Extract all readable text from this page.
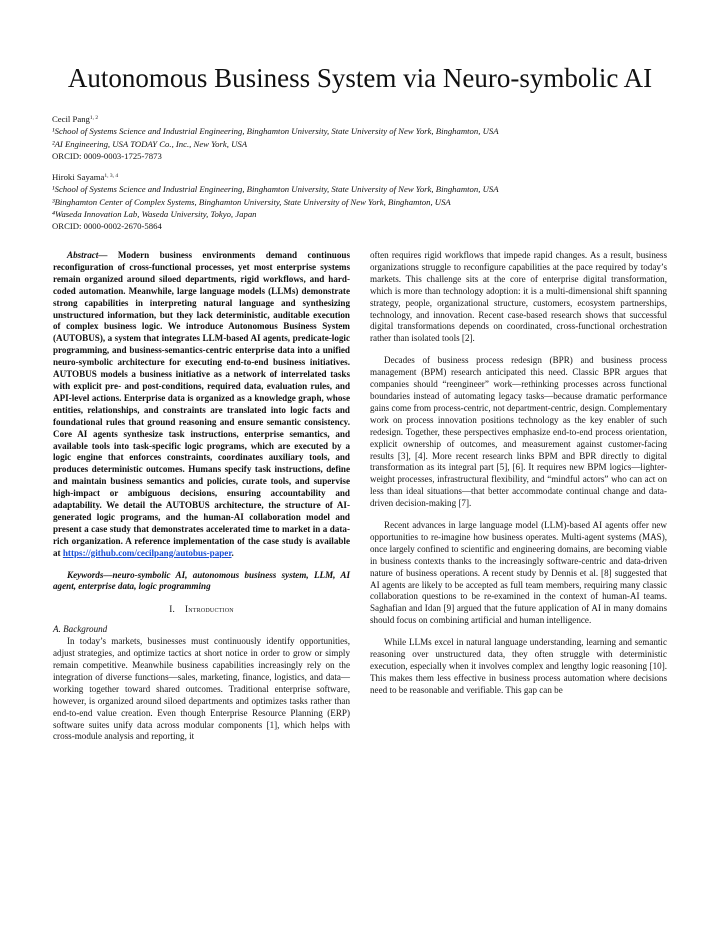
Autonomous Business System via Neuro-symbolic AI
Cecil Pang$^{1, 2}$
¹School of Systems Science and Industrial Engineering, Binghamton University, State University of New York, Binghamton, USA
²AI Engineering, USA TODAY Co., Inc., New York, USA
ORCID: 0009-0003-1725-7873
Hiroki Sayama$^{1, 3, 4}$
¹School of Systems Science and Industrial Engineering, Binghamton University, State University of New York, Binghamton, USA
³Binghamton Center of Complex Systems, Binghamton University, State University of New York, Binghamton, USA
⁴Waseda Innovation Lab, Waseda University, Tokyo, Japan
ORCID: 0000-0002-2670-5864

Abstract— Modern business environments demand continuous reconfiguration of cross-functional processes, yet most enterprise systems remain organized around siloed departments, rigid workflows, and hard-coded automation. Meanwhile, large language models (LLMs) demonstrate strong capabilities in interpreting natural language and synthesizing unstructured information, but they lack deterministic, auditable execution of complex business logic. We introduce Autonomous Business System (AUTOBUS), a system that integrates LLM-based AI agents, predicate-logic programming, and business-semantics-centric enterprise data into a unified neuro-symbolic architecture for executing end-to-end business initiatives. AUTOBUS models a business initiative as a network of interrelated tasks with explicit pre- and post-conditions, required data, evaluation rules, and API-level actions. Enterprise data is organized as a knowledge graph, whose entities, relationships, and constraints are translated into logic facts and foundational rules that ground reasoning and ensure semantic consistency. Core AI agents synthesize task instructions, enterprise semantics, and available tools into task-specific logic programs, which are executed by a logic engine that enforces constraints, coordinates auxiliary tools, and produces deterministic outcomes. Humans specify task instructions, define and maintain business semantics and policies, curate tools, and supervise high-impact or ambiguous decisions, ensuring accountability and adaptability. We detail the AUTOBUS architecture, the structure of AI-generated logic programs, and the human-AI collaboration model and present a case study that demonstrates accelerated time to market in a data-rich organization. A reference implementation of the case study is available at https://github.com/cecilpang/autobus-paper.

Keywords—neuro-symbolic AI, autonomous business system, LLM, AI agent, enterprise data, logic programming

I. Introduction

A. Background

In today’s markets, businesses must continuously identify opportunities, adjust strategies, and optimize tactics at short notice in order to grow or simply remain competitive. Meanwhile business capabilities increasingly rely on the integration of diverse functions—sales, marketing, finance, logistics, and data—working together toward shared outcomes. Traditional enterprise software, however, is organized around siloed departments and optimizes tasks rather than end-to-end value creation. Even though Enterprise Resource Planning (ERP) software suites unify data across modular components [1], which helps with cross-module analysis and reporting, it

often requires rigid workflows that impede rapid changes. As a result, business organizations struggle to reconfigure capabilities at the pace required by today’s markets. This challenge sits at the core of enterprise digital transformation, which is more than technology adoption: it is a multi-dimensional shift spanning strategy, people, organizational structure, customers, ecosystem partnerships, technology, and innovation. Recent case-based research shows that successful digital transformations depends on coordinated, cross-functional orchestration rather than isolated tools [2].

Decades of business process redesign (BPR) and business process management (BPM) research anticipated this need. Classic BPR argues that companies should “reengineer” work—rethinking processes across functional boundaries instead of automating legacy tasks—because dramatic performance gains come from process-centric, not department-centric, design. Complementary work on process innovation positions technology as the key enabler of such redesign. Together, these perspectives emphasize end-to-end process orientation, explicit ownership of outcomes, and measurement against customer-facing results [3], [4]. More recent research links BPM and BPR directly to digital transformation as its integral part [5], [6]. It requires new BPM logics—lighter-weight processes, infrastructural flexibility, and “mindful actors” who can act on less than ideal situations—that better accommodate continual change and data-driven decision-making [7].

Recent advances in large language model (LLM)-based AI agents offer new opportunities to re-imagine how business operates. Multi-agent systems (MAS), once largely confined to scientific and engineering domains, are becoming viable in business contexts thanks to the increasingly software-centric and data-driven nature of business operations. A recent study by Dennis et al. [8] suggested that AI agents are likely to be accepted as full team members, requiring many classic collaboration questions to be re-examined in the context of human-AI teams. Saghafian and Idan [9] argued that the future application of AI in many domains should focus on combining artificial and human intelligence.

While LLMs excel in natural language understanding, learning and semantic reasoning over unstructured data, they often struggle with deterministic execution, especially when it involves complex and lengthy logic reasoning [10]. This makes them less effective in business process automation where decisions need to be reasonable and verifiable. This gap can be
